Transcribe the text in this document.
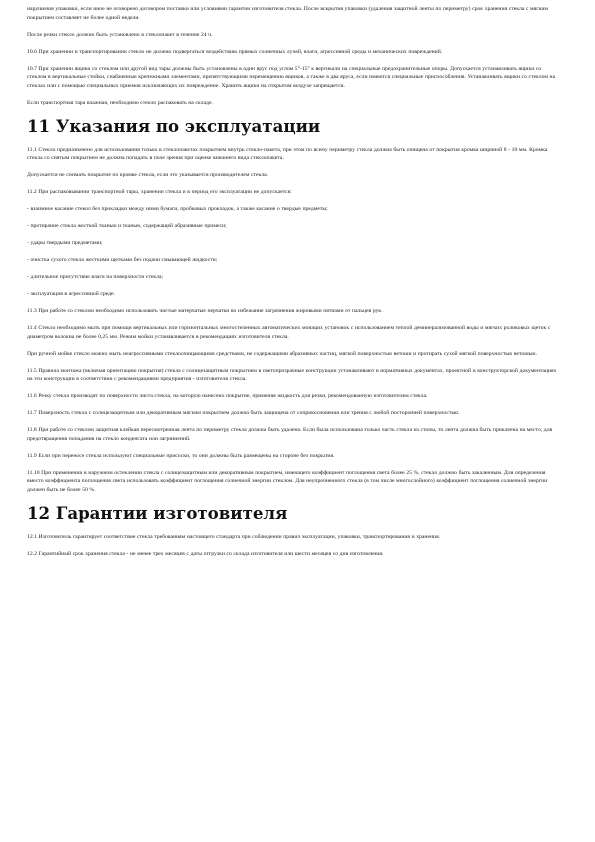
нарушения упаковки, если иное не оговорено договором поставки или условиями гарантии изготовителя стекла. После вскрытия упаковки (удаления защитной ленты по периметру) срок хранения стекла с мягким покрытием составляет не более одной недели.

После резки стекло должно быть установлено в стеклопакет в течение 24 ч.

10.6 При хранении и транспортировании стекло не должно подвергаться воздействию прямых солнечных лучей, влаги, агрессивной среды и механических повреждений.

10.7 При хранении ящики со стеклом или другой вид тары должны быть установлены в один ярус под углом 5°-15° к вертикали на специальные предохранительные опоры. Допускается устанавливать ящики со стеклом в вертикальные стойки, снабженные крепежными элементами, препятствующими перемещению ящиков, а также в два яруса, если имеются специальные приспособления. Устанавливать ящики со стеклом на стеклах или с помощью специальных приемов исключающих их повреждение. Хранить ящики на открытом воздухе запрещается.

Если транспортная тара влажная, необходимо стекло распаковать на складе.

11 Указания по эксплуатации

11.1 Стекло предназначено для использования только в стеклопакетах покрытием внутрь стекло-пакета, при этом по всему периметру стекла должна быть очищена от покрытия кромка шириной 8 - 10 мм. Кромка стекла со снятым покрытием не должна попадать в поле зрения при оценке внешнего вида стеклопакета.

Допускается не снимать покрытие по кромке стекла, если это указывается производителем стекла.

11.2 При распаковывании транспортной тары, хранении стекла и в период его эксплуатации не допускается:

- взаимное касание стекол без прокладки между ними бумаги, пробковых прокладок, а также касание о твердые предметы;

- протирание стекла жесткой тканью и тканью, содержащей абразивные примеси;

- удары твердыми предметами;

- очистка сухого стекла жесткими щетками без подачи смывающей жидкости;

- длительное присутствие влаги на поверхности стекла;

- эксплуатация в агрессивной среде.

11.3 При работе со стеклом необходимо использовать чистые матерчатые перчатки во избежание загрязнения жировыми пятнами от пальцев рук.

11.4 Стекло необходимо мыть при помощи вертикальных или горизонтальных многостепенных автоматических моющих установок с использованием теплой деминерализованной воды и мягких роликовых щеток с диаметром волокна не более 0,25 мм. Режим мойки устанавливается в рекомендациях изготовителя стекла.

При ручной мойке стекло можно мыть неагрессивными стеклоочищающими средствами, не содержащими абразивных частиц, мягкой поверхностью ветоши и протирать сухой мягкой поверхностью ветошью.

11.5 Правила монтажа (включая ориентацию покрытия) стекла с солнцезащитным покрытием в светопрозрачные конструкции устанавливают в нормативных документах, проектной и конструкторской документациях на эти конструкции в соответствии с рекомендациями предприятия - изготовителя стекла.

11.6 Резку стекла производят по поверхности листа стекла, на которую нанесено покрытие, применяя жидкость для резки, рекомендованную изготовителем стекла.

11.7 Поверхность стекла с солнцезащитным или декоративным мягким покрытием должна быть защищена от соприкосновения или трения с любой посторонней поверхностью.

11.8 При работе со стеклом защитная клейкая пересмотренная лента по периметру стекла должна быть удалена. Если была использована только часть стекла из стопы, то лента должна быть приклеена на место, для предотвращения попадания на стекло конденсата или загрязнений.

11.9 Если при переносе стекла используют специальные присоски, то они должны быть размещены на стороне без покрытия.

11.10 При применении в наружном остеклении стекла с солнцезащитным или декоративным покрытием, имеющего коэффициент поглощения света более 25 %, стекло должно быть закаленным. Для определения вместо коэффициента поглощения света использовать коэффициент поглощения солнечной энергии стеклом. Для неупрочненного стекла (в том числе многослойного) коэффициент поглощения солнечной энергии должен быть не более 50 %.

12 Гарантии изготовителя

12.1 Изготовитель гарантирует соответствие стекла требованиям настоящего стандарта при соблюдении правил эксплуатации, упаковки, транспортирования и хранения.

12.2 Гарантийный срок хранения стекла - не менее трех месяцев с даты отгрузки со склада изготовителя или шести месяцев со дня изготовления.
